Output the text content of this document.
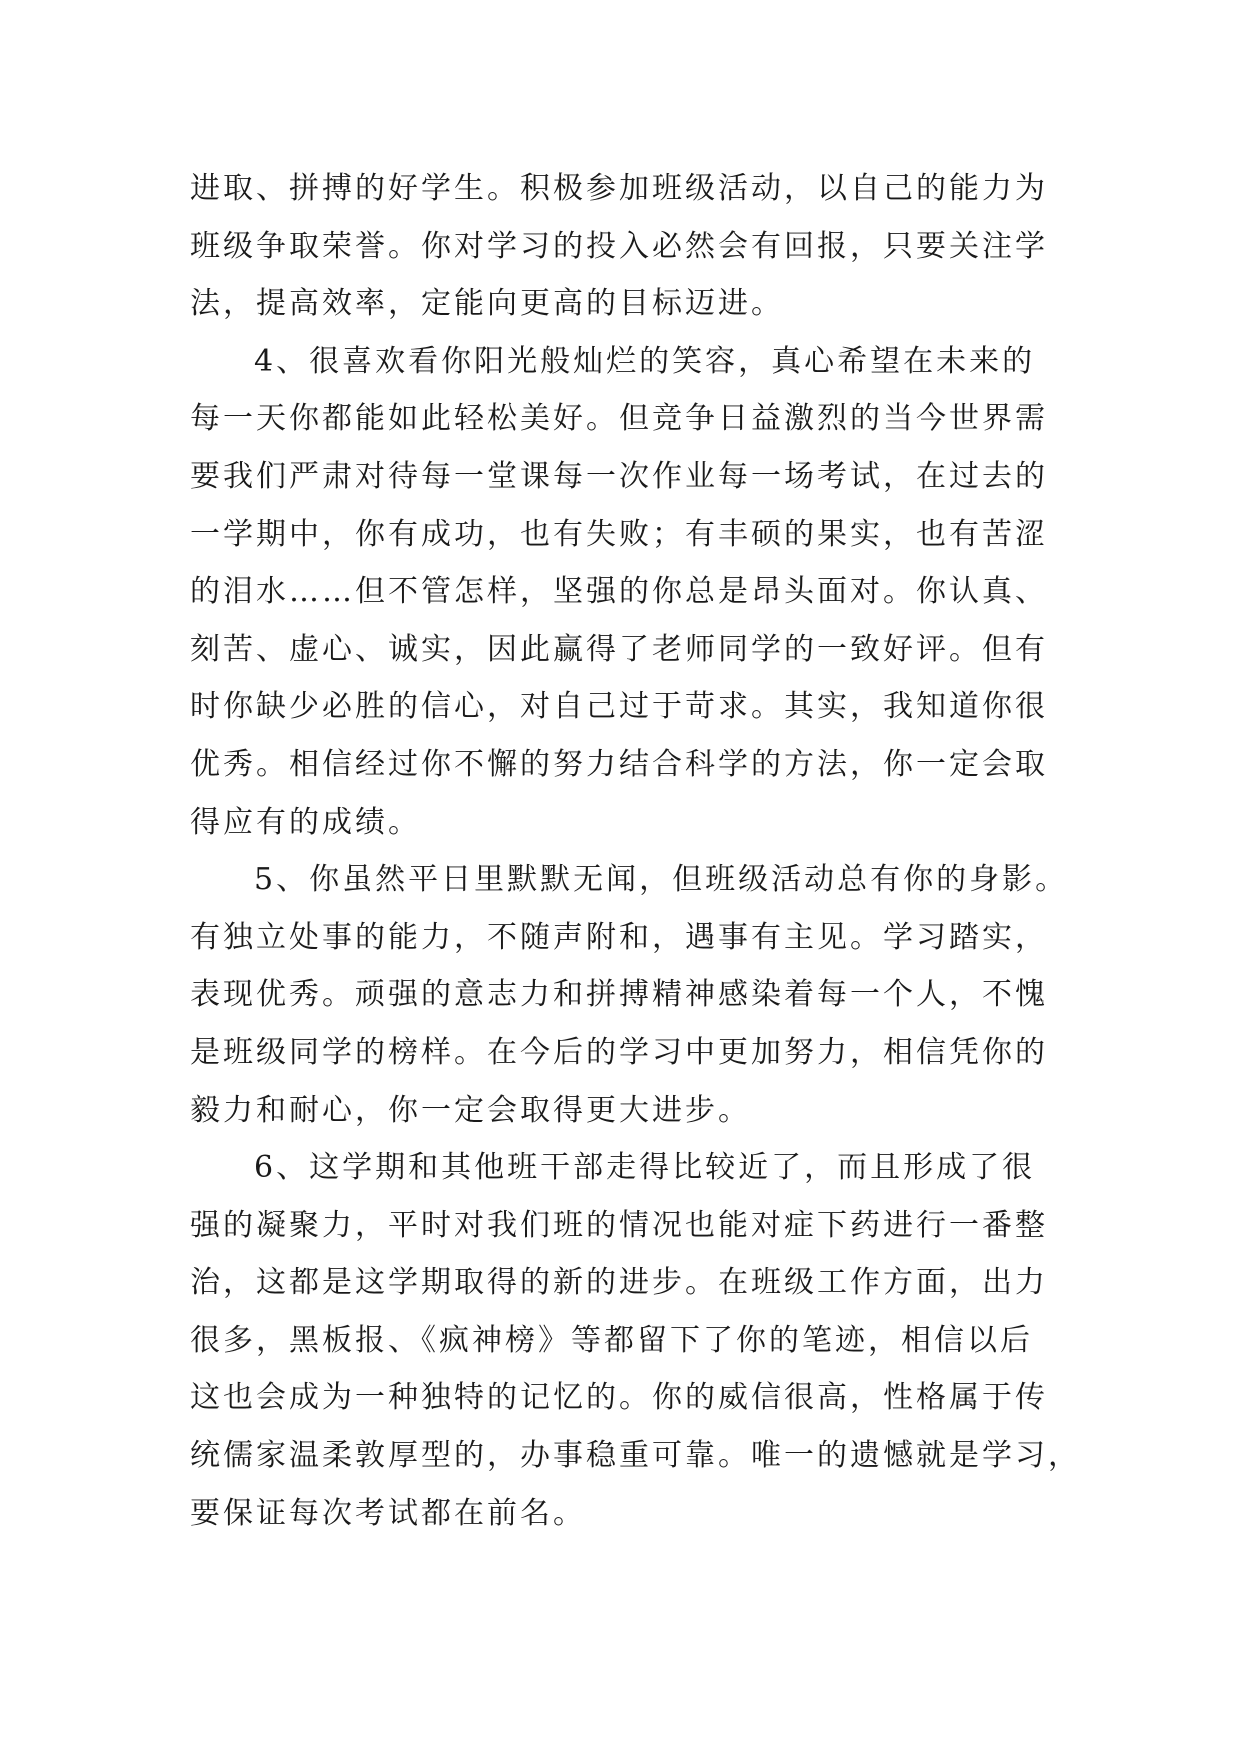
进取、拼搏的好学生。积极参加班级活动，以自己的能力为
班级争取荣誉。你对学习的投入必然会有回报，只要关注学
法，提高效率，定能向更高的目标迈进。
4、很喜欢看你阳光般灿烂的笑容，真心希望在未来的
每一天你都能如此轻松美好。但竞争日益激烈的当今世界需
要我们严肃对待每一堂课每一次作业每一场考试，在过去的
一学期中，你有成功，也有失败；有丰硕的果实，也有苦涩
的泪水……但不管怎样，坚强的你总是昂头面对。你认真、
刻苦、虚心、诚实，因此赢得了老师同学的一致好评。但有
时你缺少必胜的信心，对自己过于苛求。其实，我知道你很
优秀。相信经过你不懈的努力结合科学的方法，你一定会取
得应有的成绩。
5、你虽然平日里默默无闻，但班级活动总有你的身影。
有独立处事的能力，不随声附和，遇事有主见。学习踏实，
表现优秀。顽强的意志力和拼搏精神感染着每一个人，不愧
是班级同学的榜样。在今后的学习中更加努力，相信凭你的
毅力和耐心，你一定会取得更大进步。
6、这学期和其他班干部走得比较近了，而且形成了很
强的凝聚力，平时对我们班的情况也能对症下药进行一番整
治，这都是这学期取得的新的进步。在班级工作方面，出力
很多，黑板报、《疯神榜》等都留下了你的笔迹，相信以后
这也会成为一种独特的记忆的。你的威信很高，性格属于传
统儒家温柔敦厚型的，办事稳重可靠。唯一的遗憾就是学习，
要保证每次考试都在前名。
